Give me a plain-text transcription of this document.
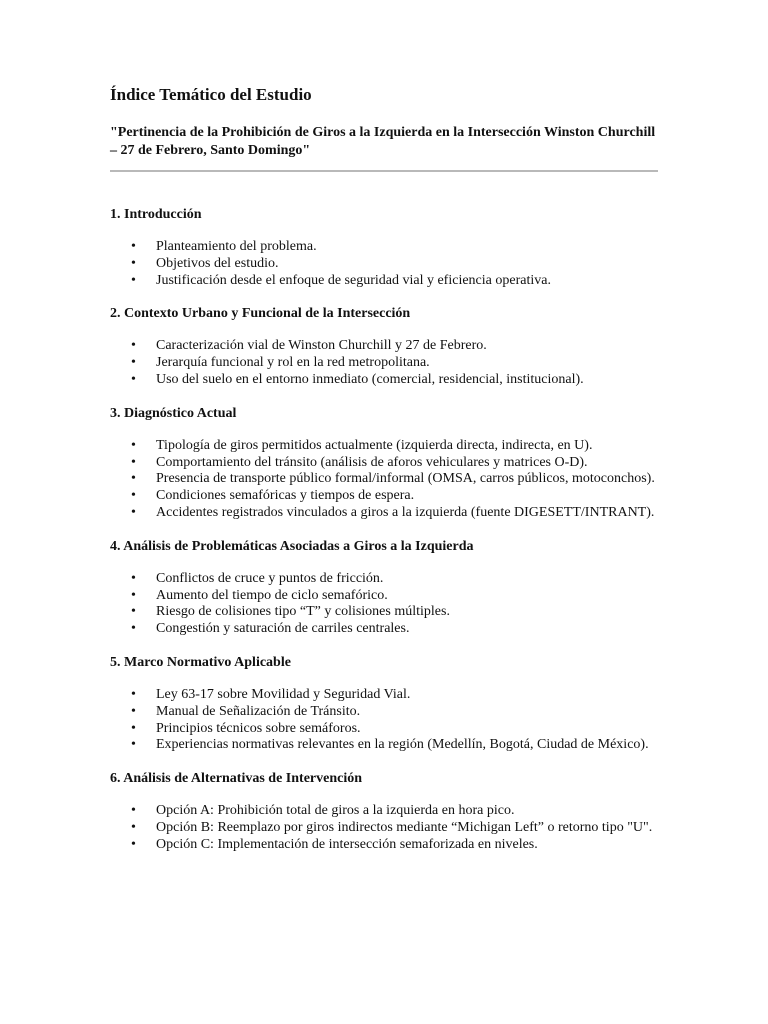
Índice Temático del Estudio
"Pertinencia de la Prohibición de Giros a la Izquierda en la Intersección Winston Churchill – 27 de Febrero, Santo Domingo"
1. Introducción
• Planteamiento del problema.
• Objetivos del estudio.
• Justificación desde el enfoque de seguridad vial y eficiencia operativa.
2. Contexto Urbano y Funcional de la Intersección
• Caracterización vial de Winston Churchill y 27 de Febrero.
• Jerarquía funcional y rol en la red metropolitana.
• Uso del suelo en el entorno inmediato (comercial, residencial, institucional).
3. Diagnóstico Actual
• Tipología de giros permitidos actualmente (izquierda directa, indirecta, en U).
• Comportamiento del tránsito (análisis de aforos vehiculares y matrices O-D).
• Presencia de transporte público formal/informal (OMSA, carros públicos, motoconchos).
• Condiciones semafóricas y tiempos de espera.
• Accidentes registrados vinculados a giros a la izquierda (fuente DIGESETT/INTRANT).
4. Análisis de Problemáticas Asociadas a Giros a la Izquierda
• Conflictos de cruce y puntos de fricción.
• Aumento del tiempo de ciclo semafórico.
• Riesgo de colisiones tipo “T” y colisiones múltiples.
• Congestión y saturación de carriles centrales.
5. Marco Normativo Aplicable
• Ley 63-17 sobre Movilidad y Seguridad Vial.
• Manual de Señalización de Tránsito.
• Principios técnicos sobre semáforos.
• Experiencias normativas relevantes en la región (Medellín, Bogotá, Ciudad de México).
6. Análisis de Alternativas de Intervención
• Opción A: Prohibición total de giros a la izquierda en hora pico.
• Opción B: Reemplazo por giros indirectos mediante “Michigan Left” o retorno tipo "U".
• Opción C: Implementación de intersección semaforizada en niveles.
